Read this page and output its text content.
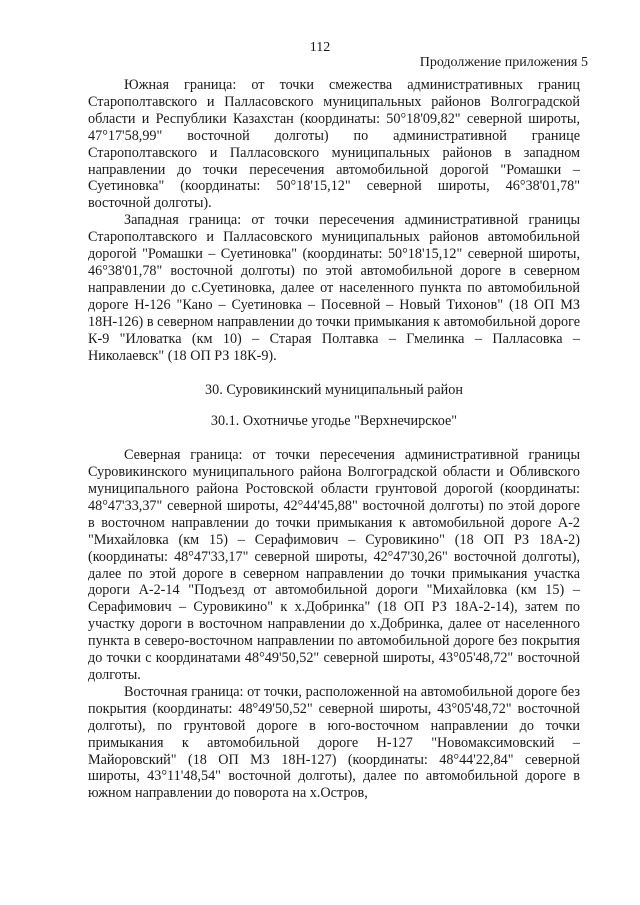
112
Продолжение приложения 5

Южная граница: от точки смежества административных границ Старополтавского и Палласовского муниципальных районов Волгоградской области и Республики Казахстан (координаты: 50°18'09,82" северной широты, 47°17'58,99" восточной долготы) по административной границе Старополтавского и Палласовского муниципальных районов в западном направлении до точки пересечения автомобильной дорогой "Ромашки – Суетиновка" (координаты: 50°18'15,12" северной широты, 46°38'01,78" восточной долготы).

Западная граница: от точки пересечения административной границы Старополтавского и Палласовского муниципальных районов автомобильной дорогой "Ромашки – Суетиновка" (координаты: 50°18'15,12" северной широты, 46°38'01,78" восточной долготы) по этой автомобильной дороге в северном направлении до с.Суетиновка, далее от населенного пункта по автомобильной дороге Н-126 "Кано – Суетиновка – Посевной – Новый Тихонов" (18 ОП МЗ 18Н-126) в северном направлении до точки примыкания к автомобильной дороге К-9 "Иловатка (км 10) – Старая Полтавка – Гмелинка – Палласовка – Николаевск" (18 ОП РЗ 18К-9).

30. Суровикинский муниципальный район

30.1. Охотничье угодье "Верхнечирское"

Северная граница: от точки пересечения административной границы Суровикинского муниципального района Волгоградской области и Обливского муниципального района Ростовской области грунтовой дорогой (координаты: 48°47'33,37" северной широты, 42°44'45,88" восточной долготы) по этой дороге в восточном направлении до точки примыкания к автомобильной дороге А-2 "Михайловка (км 15) – Серафимович – Суровикино" (18 ОП РЗ 18А-2) (координаты: 48°47'33,17" северной широты, 42°47'30,26" восточной долготы), далее по этой дороге в северном направлении до точки примыкания участка дороги А-2-14 "Подъезд от автомобильной дороги "Михайловка (км 15) – Серафимович – Суровикино" к х.Добринка" (18 ОП РЗ 18А-2-14), затем по участку дороги в восточном направлении до х.Добринка, далее от населенного пункта в северо-восточном направлении по автомобильной дороге без покрытия до точки с координатами 48°49'50,52" северной широты, 43°05'48,72" восточной долготы.

Восточная граница: от точки, расположенной на автомобильной дороге без покрытия (координаты: 48°49'50,52" северной широты, 43°05'48,72" восточной долготы), по грунтовой дороге в юго-восточном направлении до точки примыкания к автомобильной дороге Н-127 "Новомаксимовский – Майоровский" (18 ОП МЗ 18Н-127) (координаты: 48°44'22,84" северной широты, 43°11'48,54" восточной долготы), далее по автомобильной дороге в южном направлении до поворота на х.Остров,
